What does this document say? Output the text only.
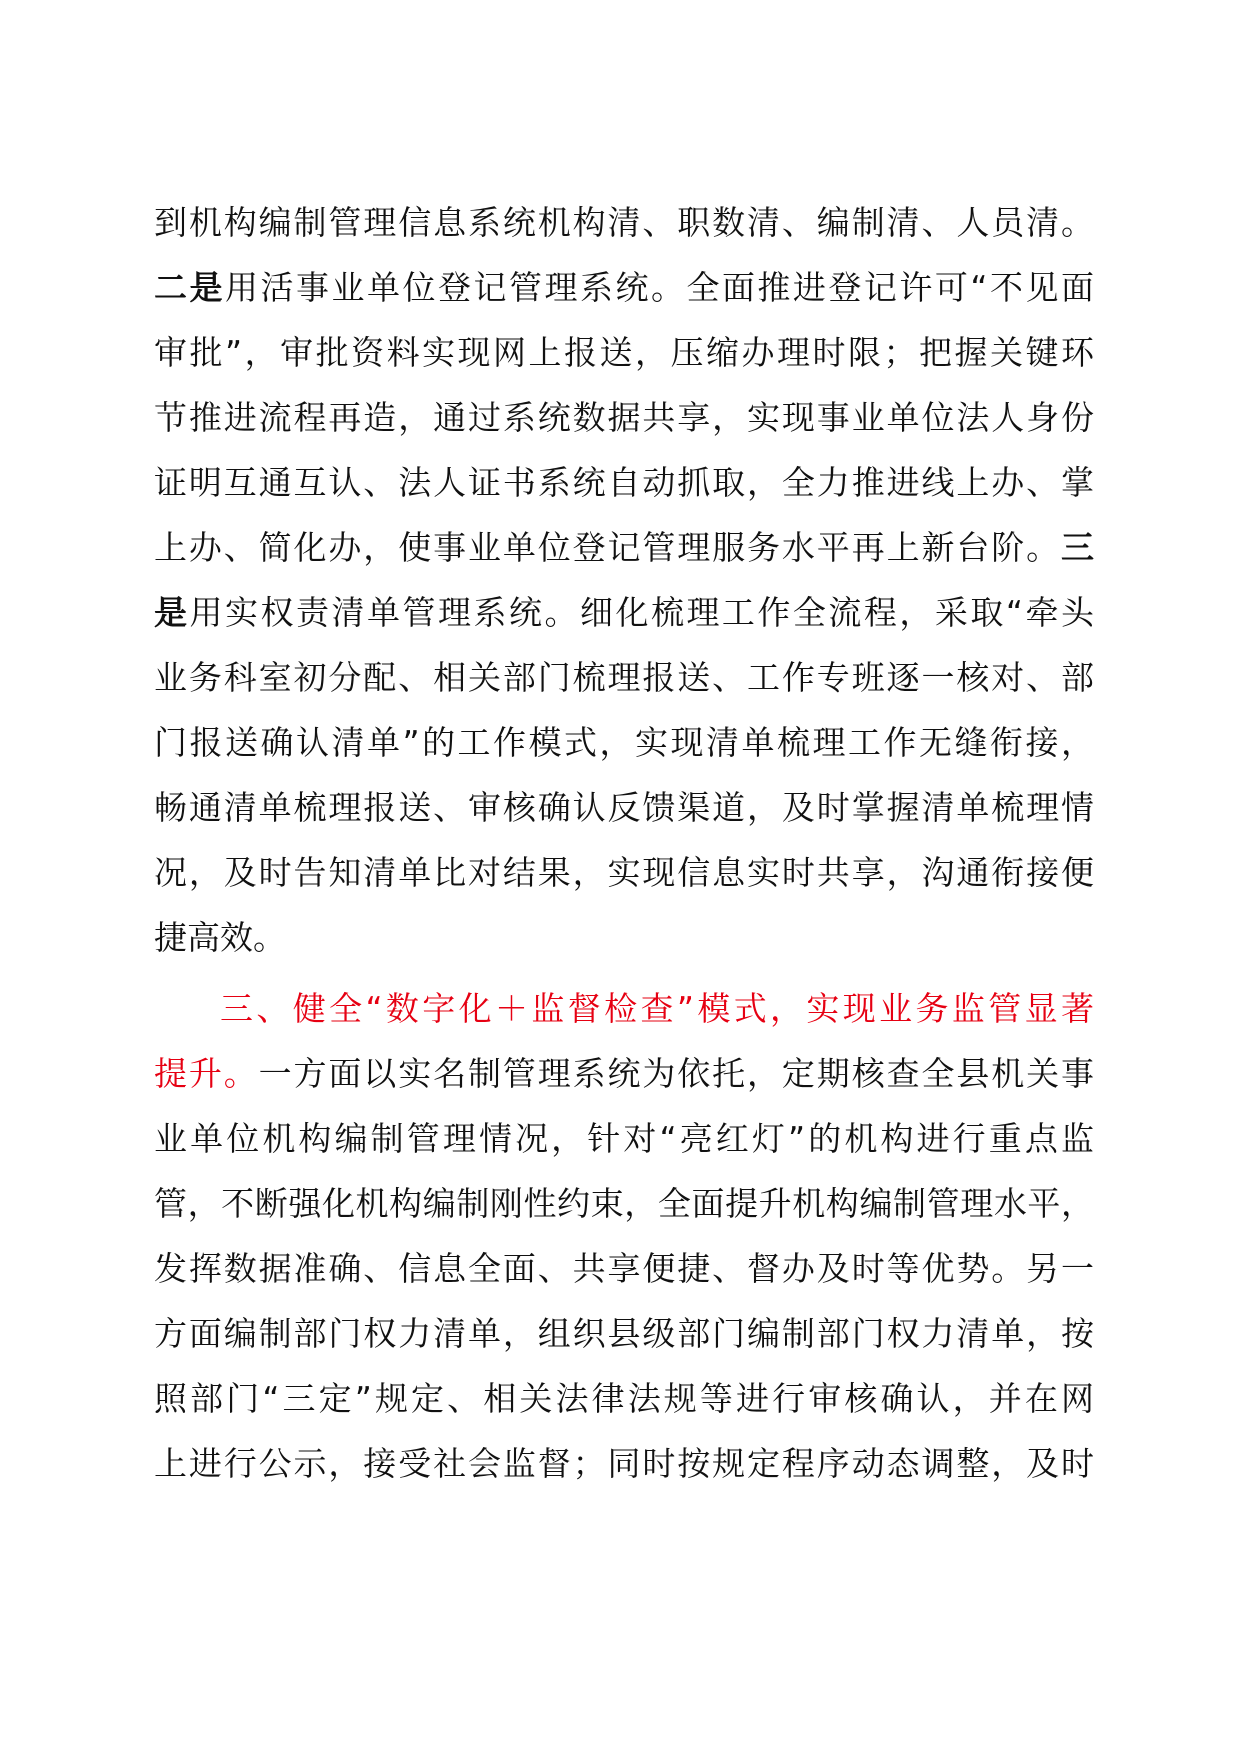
到机构编制管理信息系统机构清、职数清、编制清、人员清。
二是用活事业单位登记管理系统。全面推进登记许可“不见面
审批”，审批资料实现网上报送，压缩办理时限；把握关键环
节推进流程再造，通过系统数据共享，实现事业单位法人身份
证明互通互认、法人证书系统自动抓取，全力推进线上办、掌
上办、简化办，使事业单位登记管理服务水平再上新台阶。三
是用实权责清单管理系统。细化梳理工作全流程，采取“牵头
业务科室初分配、相关部门梳理报送、工作专班逐一核对、部
门报送确认清单”的工作模式，实现清单梳理工作无缝衔接，
畅通清单梳理报送、审核确认反馈渠道，及时掌握清单梳理情
况，及时告知清单比对结果，实现信息实时共享，沟通衔接便
捷高效。
三、健全“数字化＋监督检查”模式，实现业务监管显著
提升。一方面以实名制管理系统为依托，定期核查全县机关事
业单位机构编制管理情况，针对“亮红灯”的机构进行重点监
管，不断强化机构编制刚性约束，全面提升机构编制管理水平，
发挥数据准确、信息全面、共享便捷、督办及时等优势。另一
方面编制部门权力清单，组织县级部门编制部门权力清单，按
照部门“三定”规定、相关法律法规等进行审核确认，并在网
上进行公示，接受社会监督；同时按规定程序动态调整，及时
